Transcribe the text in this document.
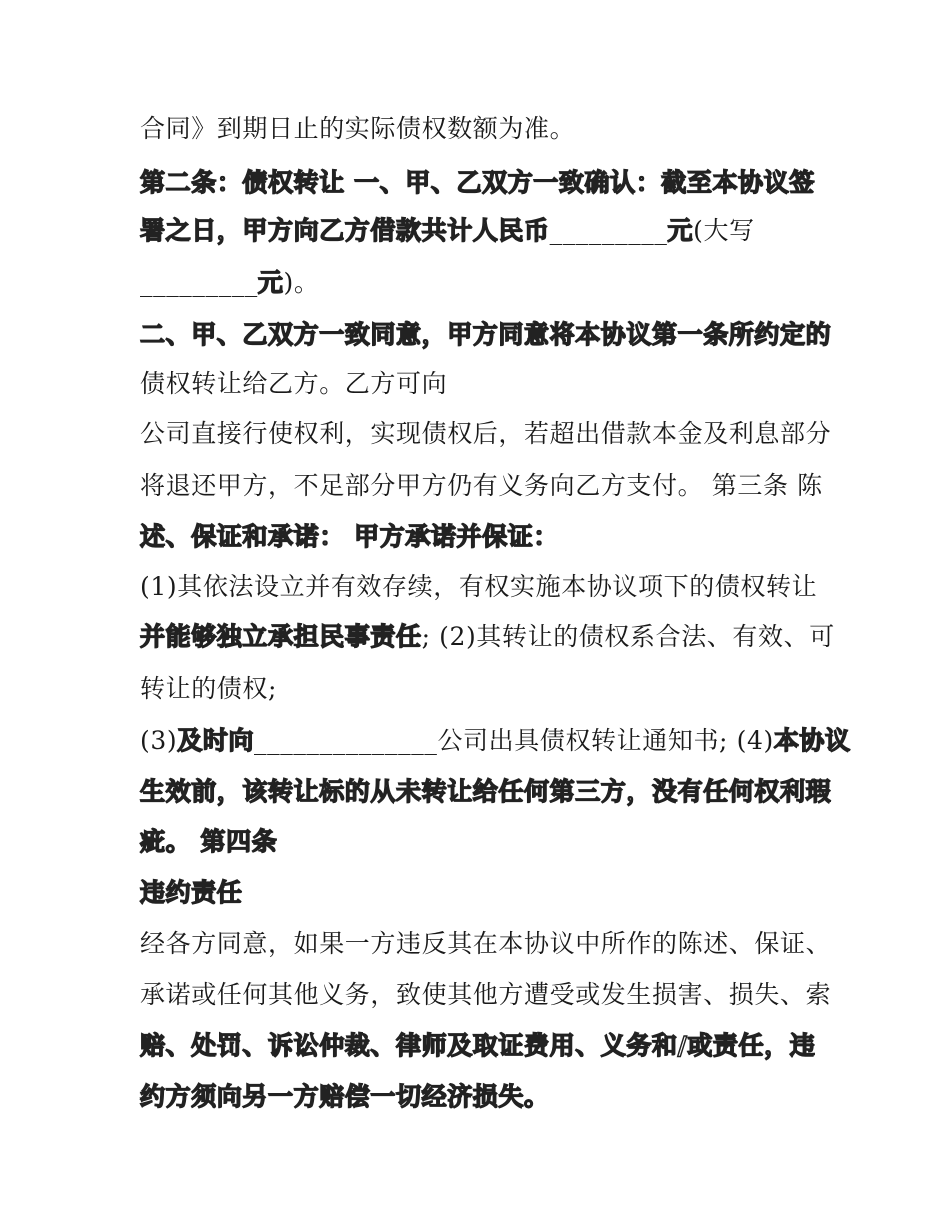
合同》到期日止的实际债权数额为准。
第二条：债权转让 一、甲、乙双方一致确认：截至本协议签
署之日，甲方向乙方借款共计人民币_________元(大写
_________元)。
二、甲、乙双方一致同意，甲方同意将本协议第一条所约定的
债权转让给乙方。乙方可向
公司直接行使权利，实现债权后，若超出借款本金及利息部分
将退还甲方，不足部分甲方仍有义务向乙方支付。 第三条 陈
述、保证和承诺： 甲方承诺并保证：
(1)其依法设立并有效存续，有权实施本协议项下的债权转让
并能够独立承担民事责任; (2)其转让的债权系合法、有效、可
转让的债权;
(3)及时向______________公司出具债权转让通知书; (4)本协议
生效前，该转让标的从未转让给任何第三方，没有任何权利瑕
疵。 第四条
违约责任
经各方同意，如果一方违反其在本协议中所作的陈述、保证、
承诺或任何其他义务，致使其他方遭受或发生损害、损失、索
赔、处罚、诉讼仲裁、律师及取证费用、义务和/或责任，违
约方须向另一方赔偿一切经济损失。
